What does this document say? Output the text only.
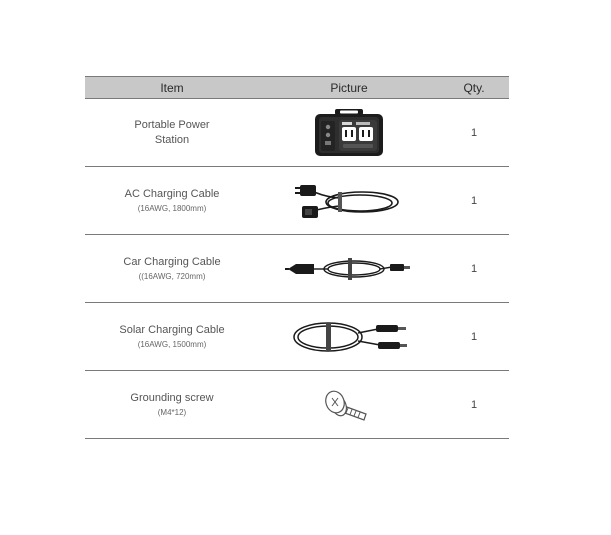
Item	Picture	Qty.
Portable Power Station
1
AC Charging Cable
(16AWG, 1800mm)
1
Car Charging Cable
((16AWG, 720mm)
1
Solar Charging Cable
(16AWG, 1500mm)
1
Grounding screw
(M4*12)
1
